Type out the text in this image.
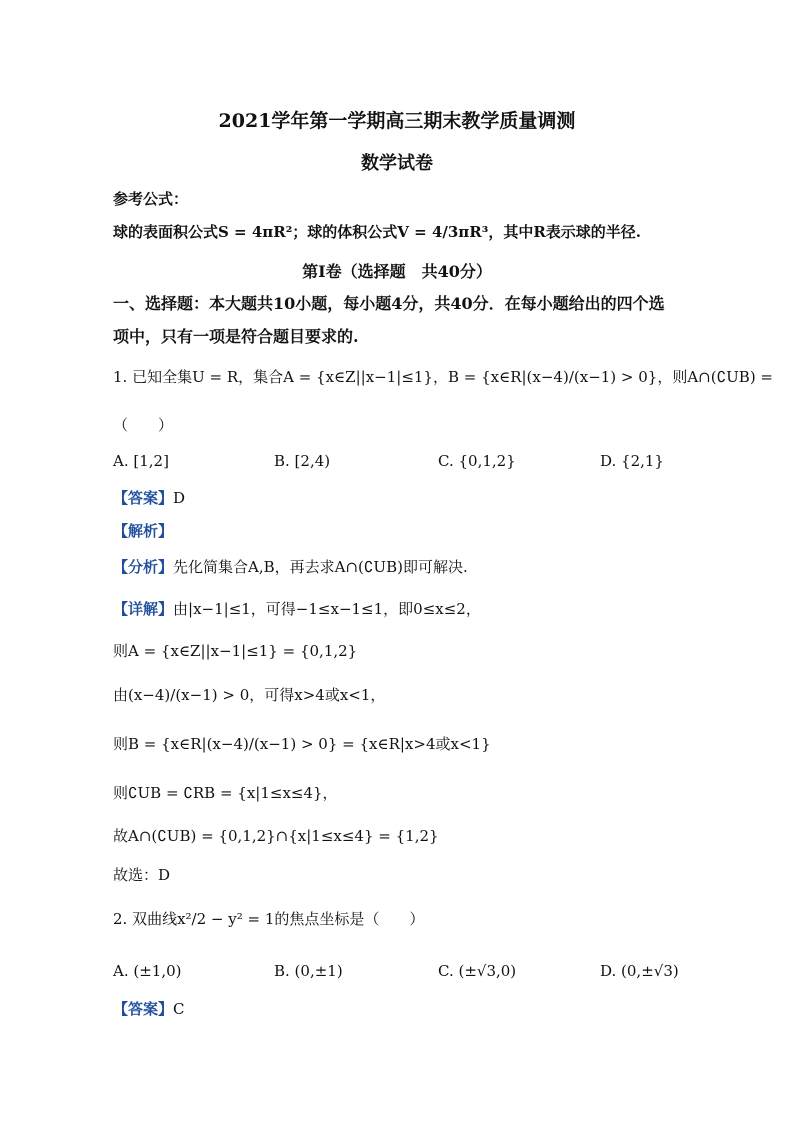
2021学年第一学期高三期末教学质量调测
数学试卷
参考公式：
球的表面积公式S = 4πR²；球的体积公式V = 4/3πR³，其中R表示球的半径.
第I卷（选择题　共40分）
一、选择题：本大题共10小题，每小题4分，共40分．在每小题给出的四个选
项中，只有一项是符合题目要求的.
1. 已知全集U = R，集合A = {x∈Z||x−1|≤1}，B = {x∈R|(x−4)/(x−1) > 0}，则A∩(∁UB) =
（　　）
A. [1,2]	B. [2,4)	C. {0,1,2}	D. {2,1}
【答案】D
【解析】
【分析】先化简集合A,B，再去求A∩(∁UB)即可解决.
【详解】由|x−1|≤1，可得−1≤x−1≤1，即0≤x≤2，
则A = {x∈Z||x−1|≤1} = {0,1,2}
由(x−4)/(x−1) > 0，可得x>4或x<1，
则B = {x∈R|(x−4)/(x−1) > 0} = {x∈R|x>4或x<1}
则∁UB = ∁RB = {x|1≤x≤4}，
故A∩(∁UB) = {0,1,2}∩{x|1≤x≤4} = {1,2}
故选：D
2. 双曲线x²/2 − y² = 1的焦点坐标是（　　）
A. (±1,0)	B. (0,±1)	C. (±√3,0)	D. (0,±√3)
【答案】C
